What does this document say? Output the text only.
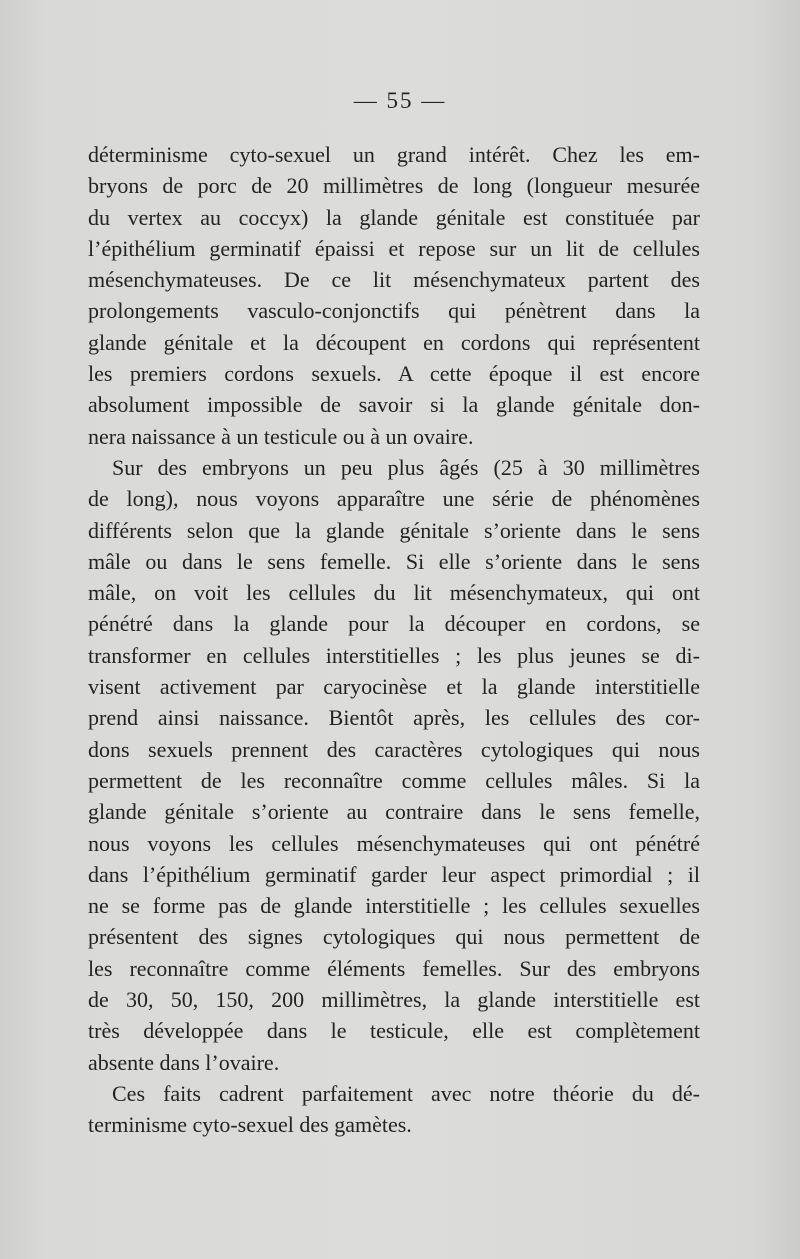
— 55 —
déterminisme cyto-sexuel un grand intérêt. Chez les em-
bryons de porc de 20 millimètres de long (longueur mesurée
du vertex au coccyx) la glande génitale est constituée par
l’épithélium germinatif épaissi et repose sur un lit de cellules
mésenchymateuses. De ce lit mésenchymateux partent des
prolongements vasculo-conjonctifs qui pénètrent dans la
glande génitale et la découpent en cordons qui représentent
les premiers cordons sexuels. A cette époque il est encore
absolument impossible de savoir si la glande génitale don-
nera naissance à un testicule ou à un ovaire.
Sur des embryons un peu plus âgés (25 à 30 millimètres
de long), nous voyons apparaître une série de phénomènes
différents selon que la glande génitale s’oriente dans le sens
mâle ou dans le sens femelle. Si elle s’oriente dans le sens
mâle, on voit les cellules du lit mésenchymateux, qui ont
pénétré dans la glande pour la découper en cordons, se
transformer en cellules interstitielles ; les plus jeunes se di-
visent activement par caryocinèse et la glande interstitielle
prend ainsi naissance. Bientôt après, les cellules des cor-
dons sexuels prennent des caractères cytologiques qui nous
permettent de les reconnaître comme cellules mâles. Si la
glande génitale s’oriente au contraire dans le sens femelle,
nous voyons les cellules mésenchymateuses qui ont pénétré
dans l’épithélium germinatif garder leur aspect primordial ; il
ne se forme pas de glande interstitielle ; les cellules sexuelles
présentent des signes cytologiques qui nous permettent de
les reconnaître comme éléments femelles. Sur des embryons
de 30, 50, 150, 200 millimètres, la glande interstitielle est
très développée dans le testicule, elle est complètement
absente dans l’ovaire.
Ces faits cadrent parfaitement avec notre théorie du dé-
terminisme cyto-sexuel des gamètes.
